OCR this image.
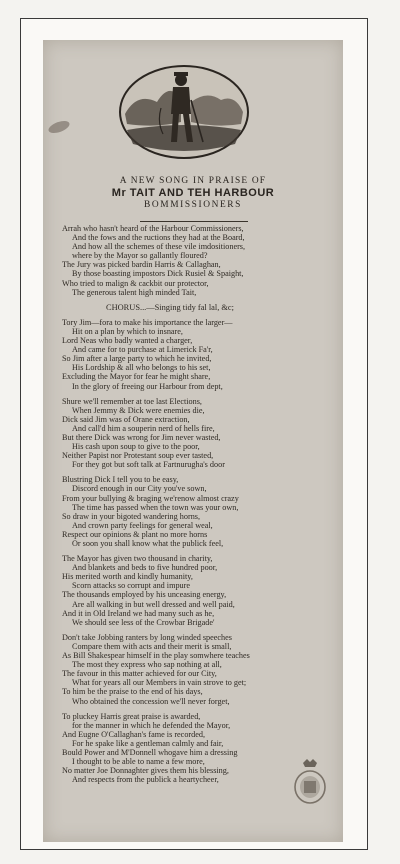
A NEW SONG IN PRAISE OF
Mr TAIT AND TEH HARBOUR
BOMMISSIONERS
Arrah who hasn't heard of the Harbour Commissioners,
And the fows and the ructions they had at the Board,
And how all the schemes of these vile imdositioners,
where by the Mayor so gallantly floured?
The Jury was picked bardin Harris & Callaghan,
By those boasting impostors Dick Rusiel & Spaight,
Who tried to malign & cackbit our protector,
The generous talent high minded Tait,
CHORUS...—Singing tidy fal lal, &c;
Tory Jim—fora to make his importance the larger—
Hit on a plan by which to insnare,
Lord Neas who badly wanted a charger,
And came for to purchase at Limerick Fa'r,
So Jim after a large party to which he invited,
His Lordship & all who belongs to his set,
Excluding the Mayor for fear he might share,
In the glory of freeing our Harbour from dept,
Shure we'll remember at toe last Elections,
When Jemmy & Dick were enemies die,
Dick said Jim was of Orane extraction,
And call'd him a souperin nerd of hells fire,
But there Dick was wrong for Jim never wasted,
His cash upon soup to give to the poor,
Neither Papist nor Protestant soup ever tasted,
For they got but soft talk at Fartnurugha's door
Blustring Dick I tell you to be easy,
Discord enough in our City you've sown,
From your bullying & braging we'renow almost crazy
The time has passed when the town was your own,
So draw in your bigoted wandering horns,
And crown party feelings for general weal,
Respect our opinions & plant no more horns
Or soon you shall know what the publick feel,
The Mayor has given two thousand in charity,
And blankets and beds to five hundred poor,
His merited worth and kindly humanity,
Scorn attacks so corrupt and impure
The thousands employed by his unceasing energy,
Are all walking in but well dressed and well paid,
And it in Old Ireland we had many such as he,
We should see less of the Crowbar Brigade'
Don't take Jobbing ranters by long winded speeches
Compare them with acts and their merit is small,
As Bill Shakespear himself in the play somwhere teaches
The most they express who sap nothing at all,
The favour in this matter achieved for our City,
What for years all our Members in vain strove to get;
To him be the praise to the end of his days,
Who obtained the concession we'll never forget,
To pluckey Harris great praise is awarded,
for the manner in which he defended the Mayor,
And Eugne O'Callaghan's fame is recorded,
For he spake like a gentleman calmly and fair,
Bould Power and M'Donnell whogave him a dressing
I thought to be able to name a few more,
No matter Joe Donnaghter gives them his blessing,
And respects from the publick a heartycheer,
